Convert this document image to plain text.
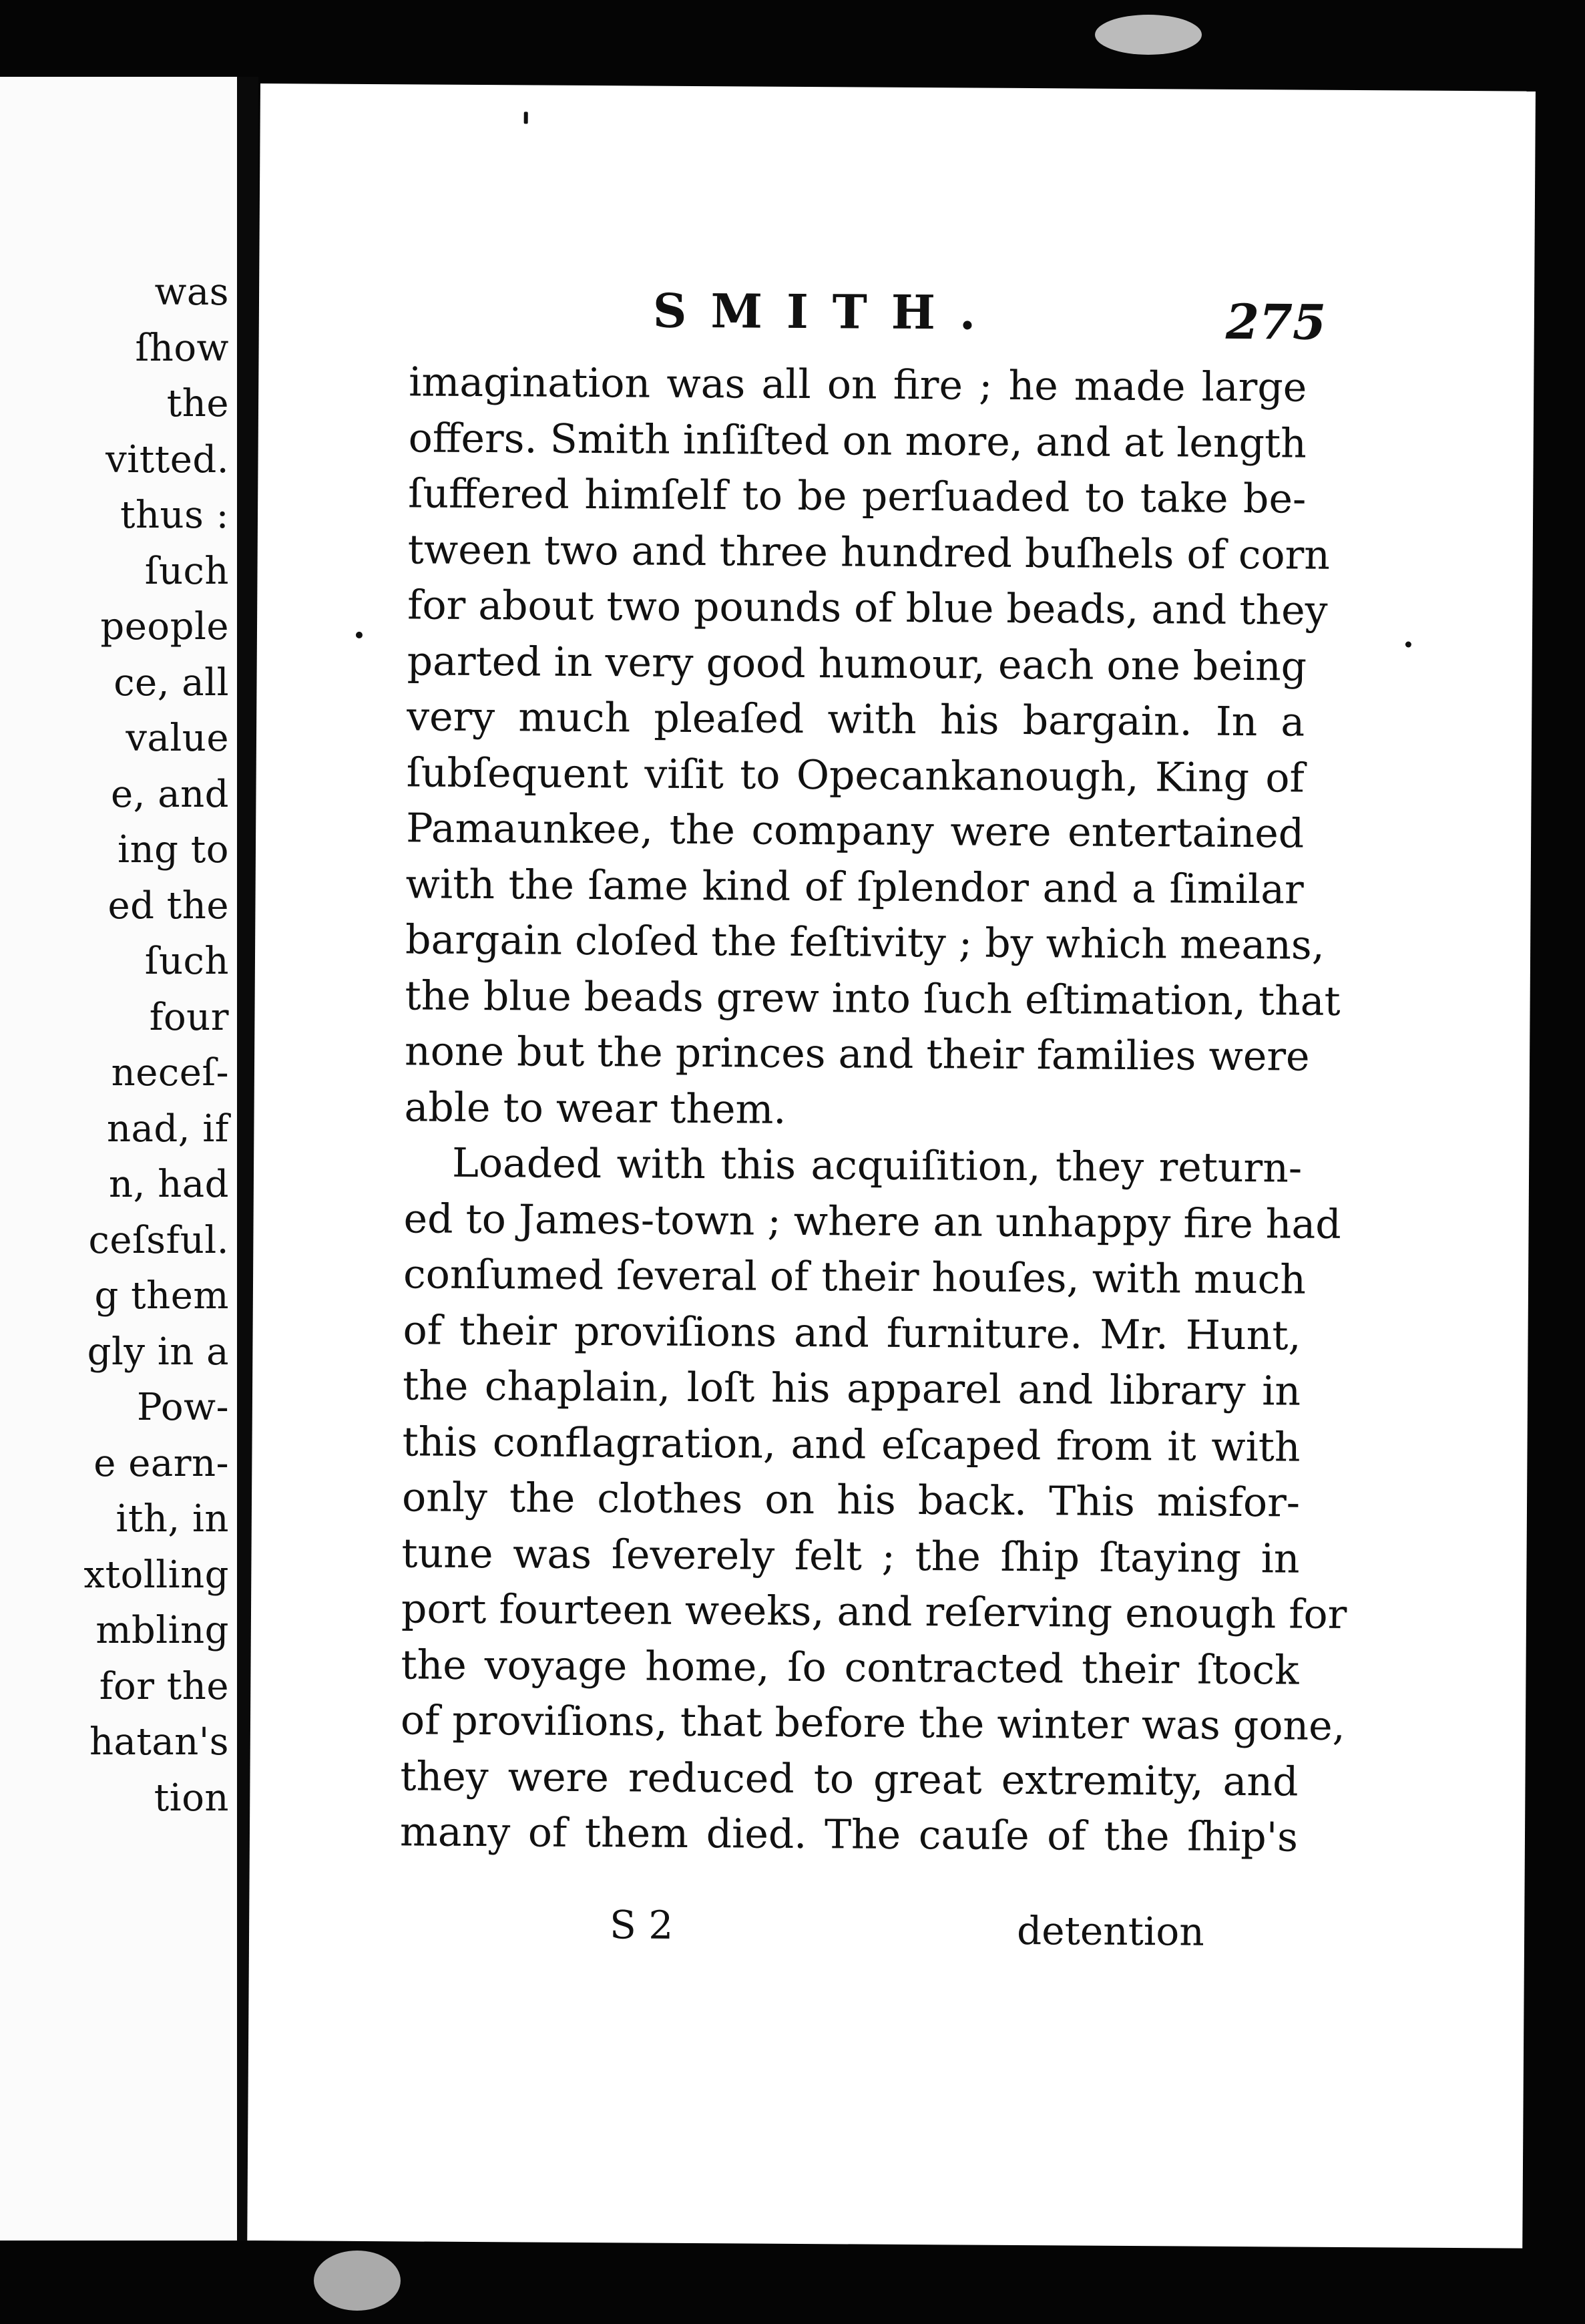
was
ſhow
the
vitted.
thus :
ſuch
people
ce, all
value
e, and
ing to
ed the
ſuch
four
neceſ-
nad, if
n, had
ceſsful.
g them
gly in a
Pow-
e earn-
ith, in
xtolling
mbling
for the
hatan's
tion
SMITH.	275
imagination was all on fire ; he made large
offers. Smith inſiſted on more, and at length
ſuffered himſelf to be perſuaded to take be-
tween two and three hundred buſhels of corn
for about two pounds of blue beads, and they
parted in very good humour, each one being
very much pleaſed with his bargain. In a
ſubſequent viſit to Opecankanough, King of
Pamaunkee, the company were entertained
with the ſame kind of ſplendor and a ſimilar
bargain cloſed the feſtivity ; by which means,
the blue beads grew into ſuch eſtimation, that
none but the princes and their families were
able to wear them.
Loaded with this acquiſition, they return-
ed to James-town ; where an unhappy fire had
conſumed ſeveral of their houſes, with much
of their proviſions and furniture. Mr. Hunt,
the chaplain, loſt his apparel and library in
this conflagration, and eſcaped from it with
only the clothes on his back. This misfor-
tune was ſeverely felt ; the ſhip ſtaying in
port fourteen weeks, and reſerving enough for
the voyage home, ſo contracted their ſtock
of proviſions, that before the winter was gone,
they were reduced to great extremity, and
many of them died. The cauſe of the ſhip's
S 2	detention
